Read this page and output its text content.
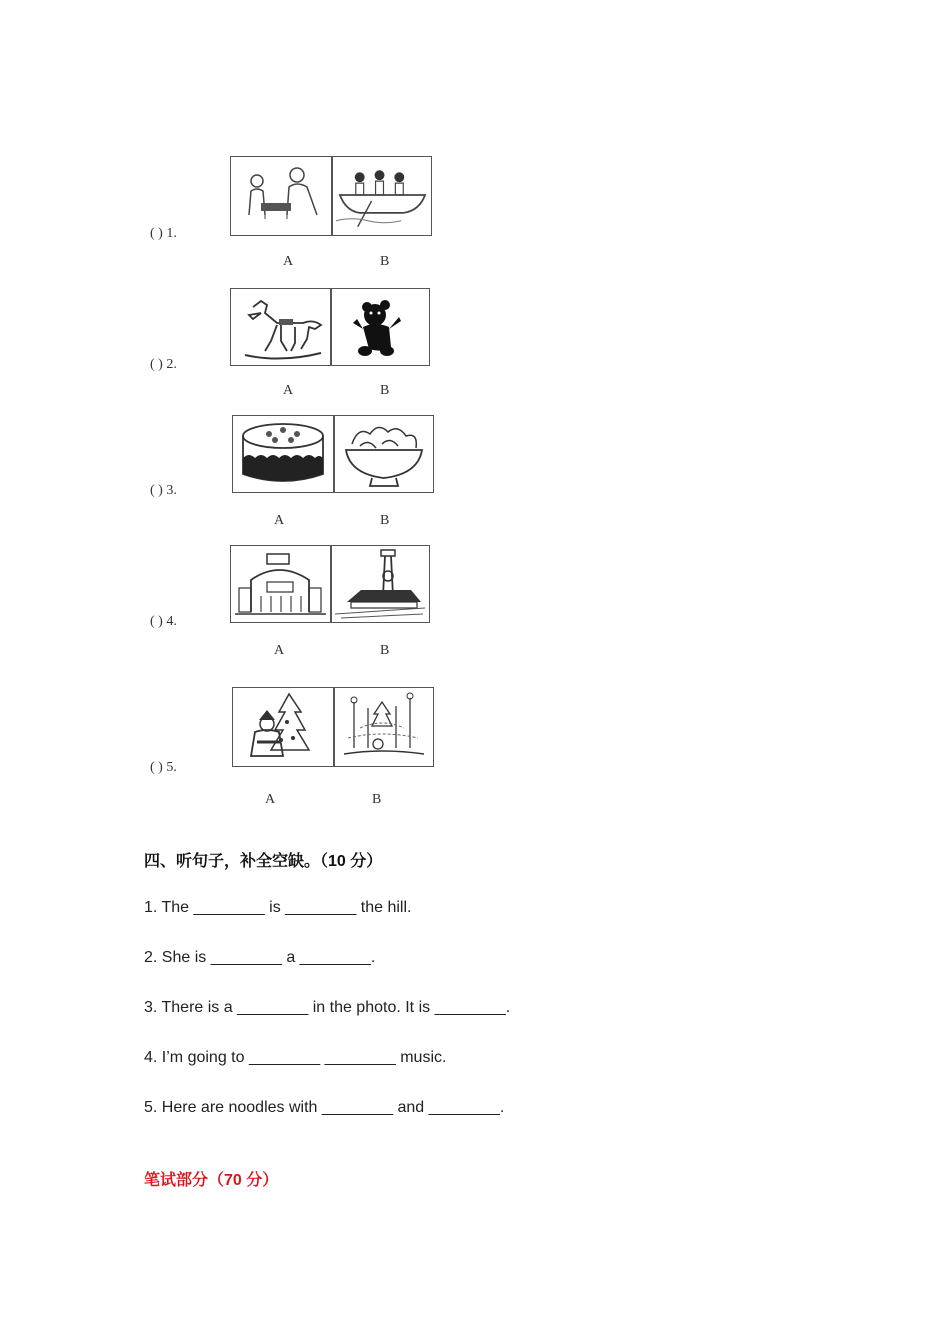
( ) 1.
A	B
( ) 2.
A	B
( ) 3.
A	B
( ) 4.
A	B
( ) 5.
A	B
四、听句子，补全空缺。（10 分）
1. The ________ is ________ the hill.
2. She is ________ a ________.
3. There is a ________ in the photo. It is ________.
4. I’m going to ________ ________ music.
5. Here are noodles with ________ and ________.
笔试部分（70 分）
